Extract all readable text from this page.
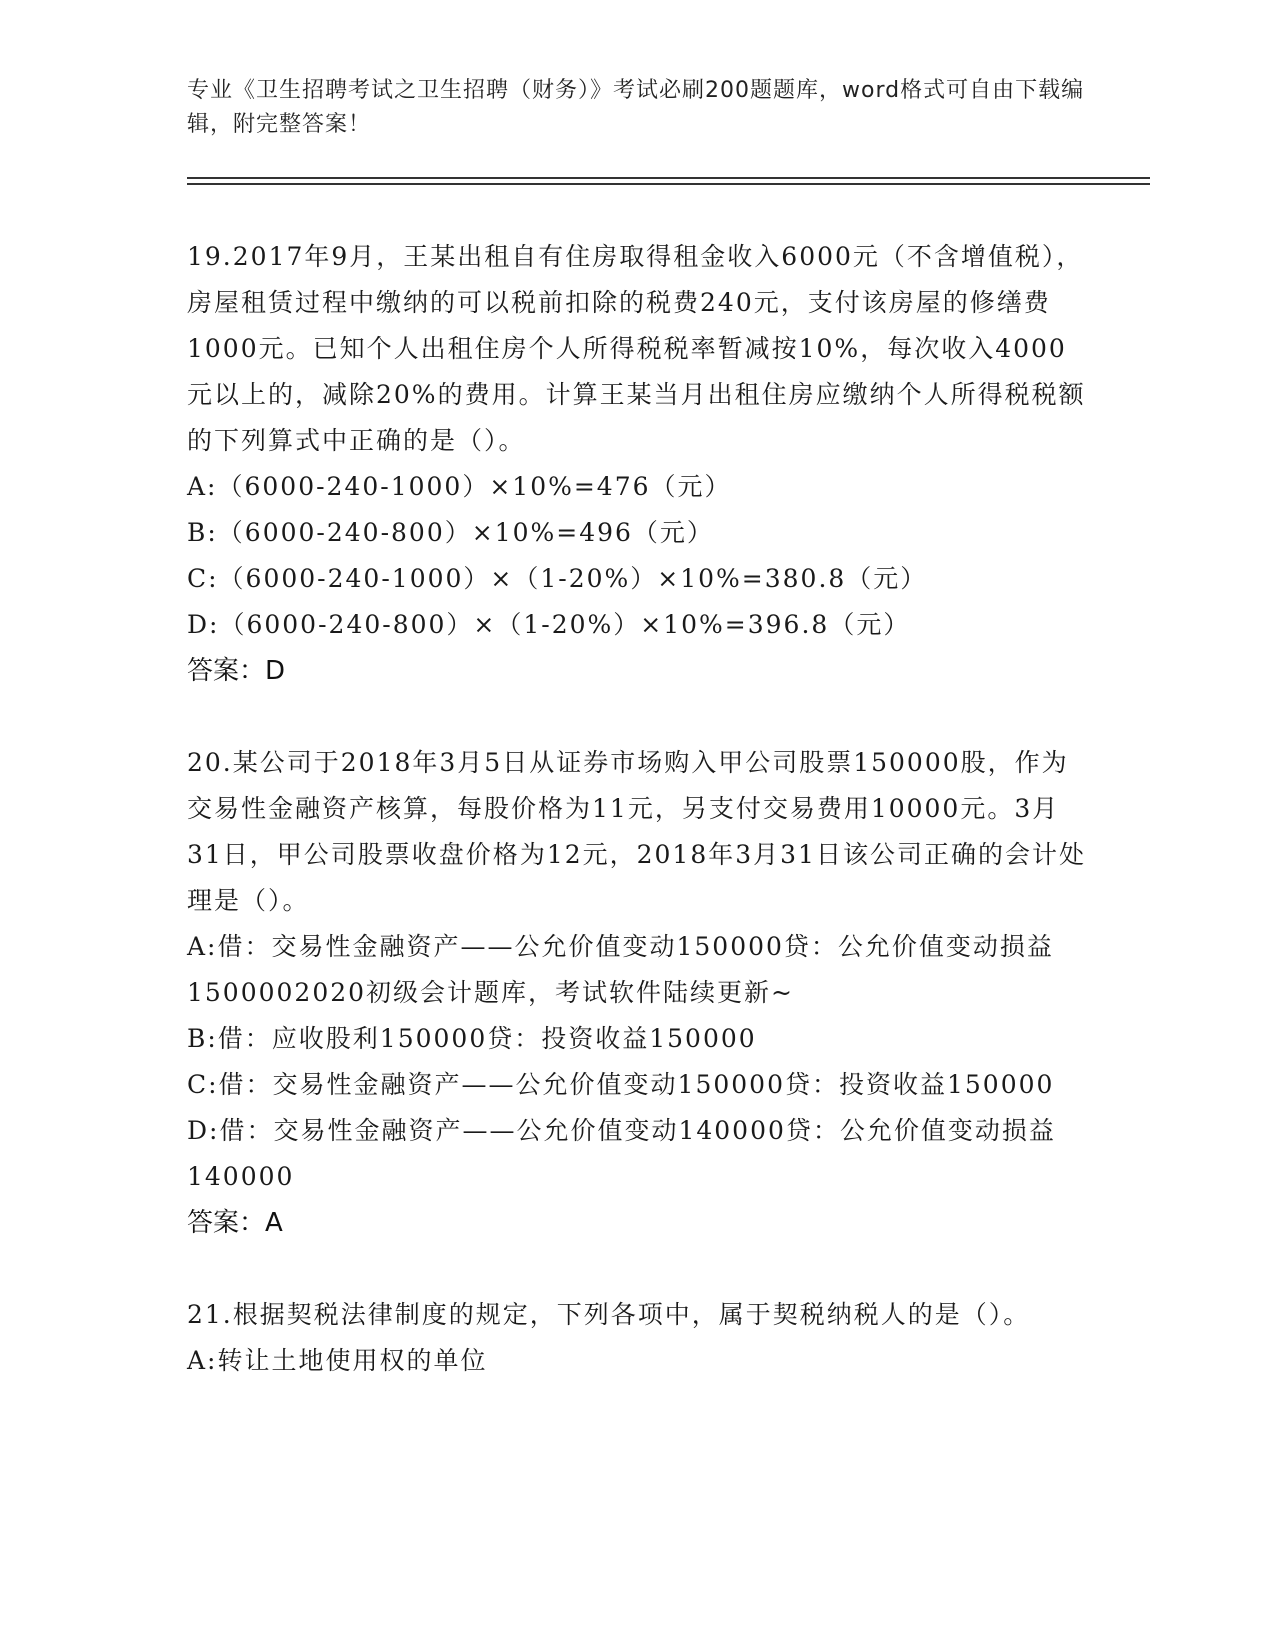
专业《卫生招聘考试之卫生招聘（财务）》考试必刷200题题库，word格式可自由下载编辑，附完整答案！

19.2017年9月，王某出租自有住房取得租金收入6000元（不含增值税），房屋租赁过程中缴纳的可以税前扣除的税费240元，支付该房屋的修缮费1000元。已知个人出租住房个人所得税税率暂减按10%，每次收入4000元以上的，减除20%的费用。计算王某当月出租住房应缴纳个人所得税税额的下列算式中正确的是（）。

A:（6000-240-1000）×10%=476（元）

B:（6000-240-800）×10%=496（元）

C:（6000-240-1000）×（1-20%）×10%=380.8（元）

D:（6000-240-800）×（1-20%）×10%=396.8（元）

答案：D

20.某公司于2018年3月5日从证券市场购入甲公司股票150000股，作为交易性金融资产核算，每股价格为11元，另支付交易费用10000元。3月31日，甲公司股票收盘价格为12元，2018年3月31日该公司正确的会计处理是（）。

A:借：交易性金融资产——公允价值变动150000贷：公允价值变动损益1500002020初级会计题库，考试软件陆续更新~

B:借：应收股利150000贷：投资收益150000

C:借：交易性金融资产——公允价值变动150000贷：投资收益150000

D:借：交易性金融资产——公允价值变动140000贷：公允价值变动损益140000

答案：A

21.根据契税法律制度的规定，下列各项中，属于契税纳税人的是（）。

A:转让土地使用权的单位
